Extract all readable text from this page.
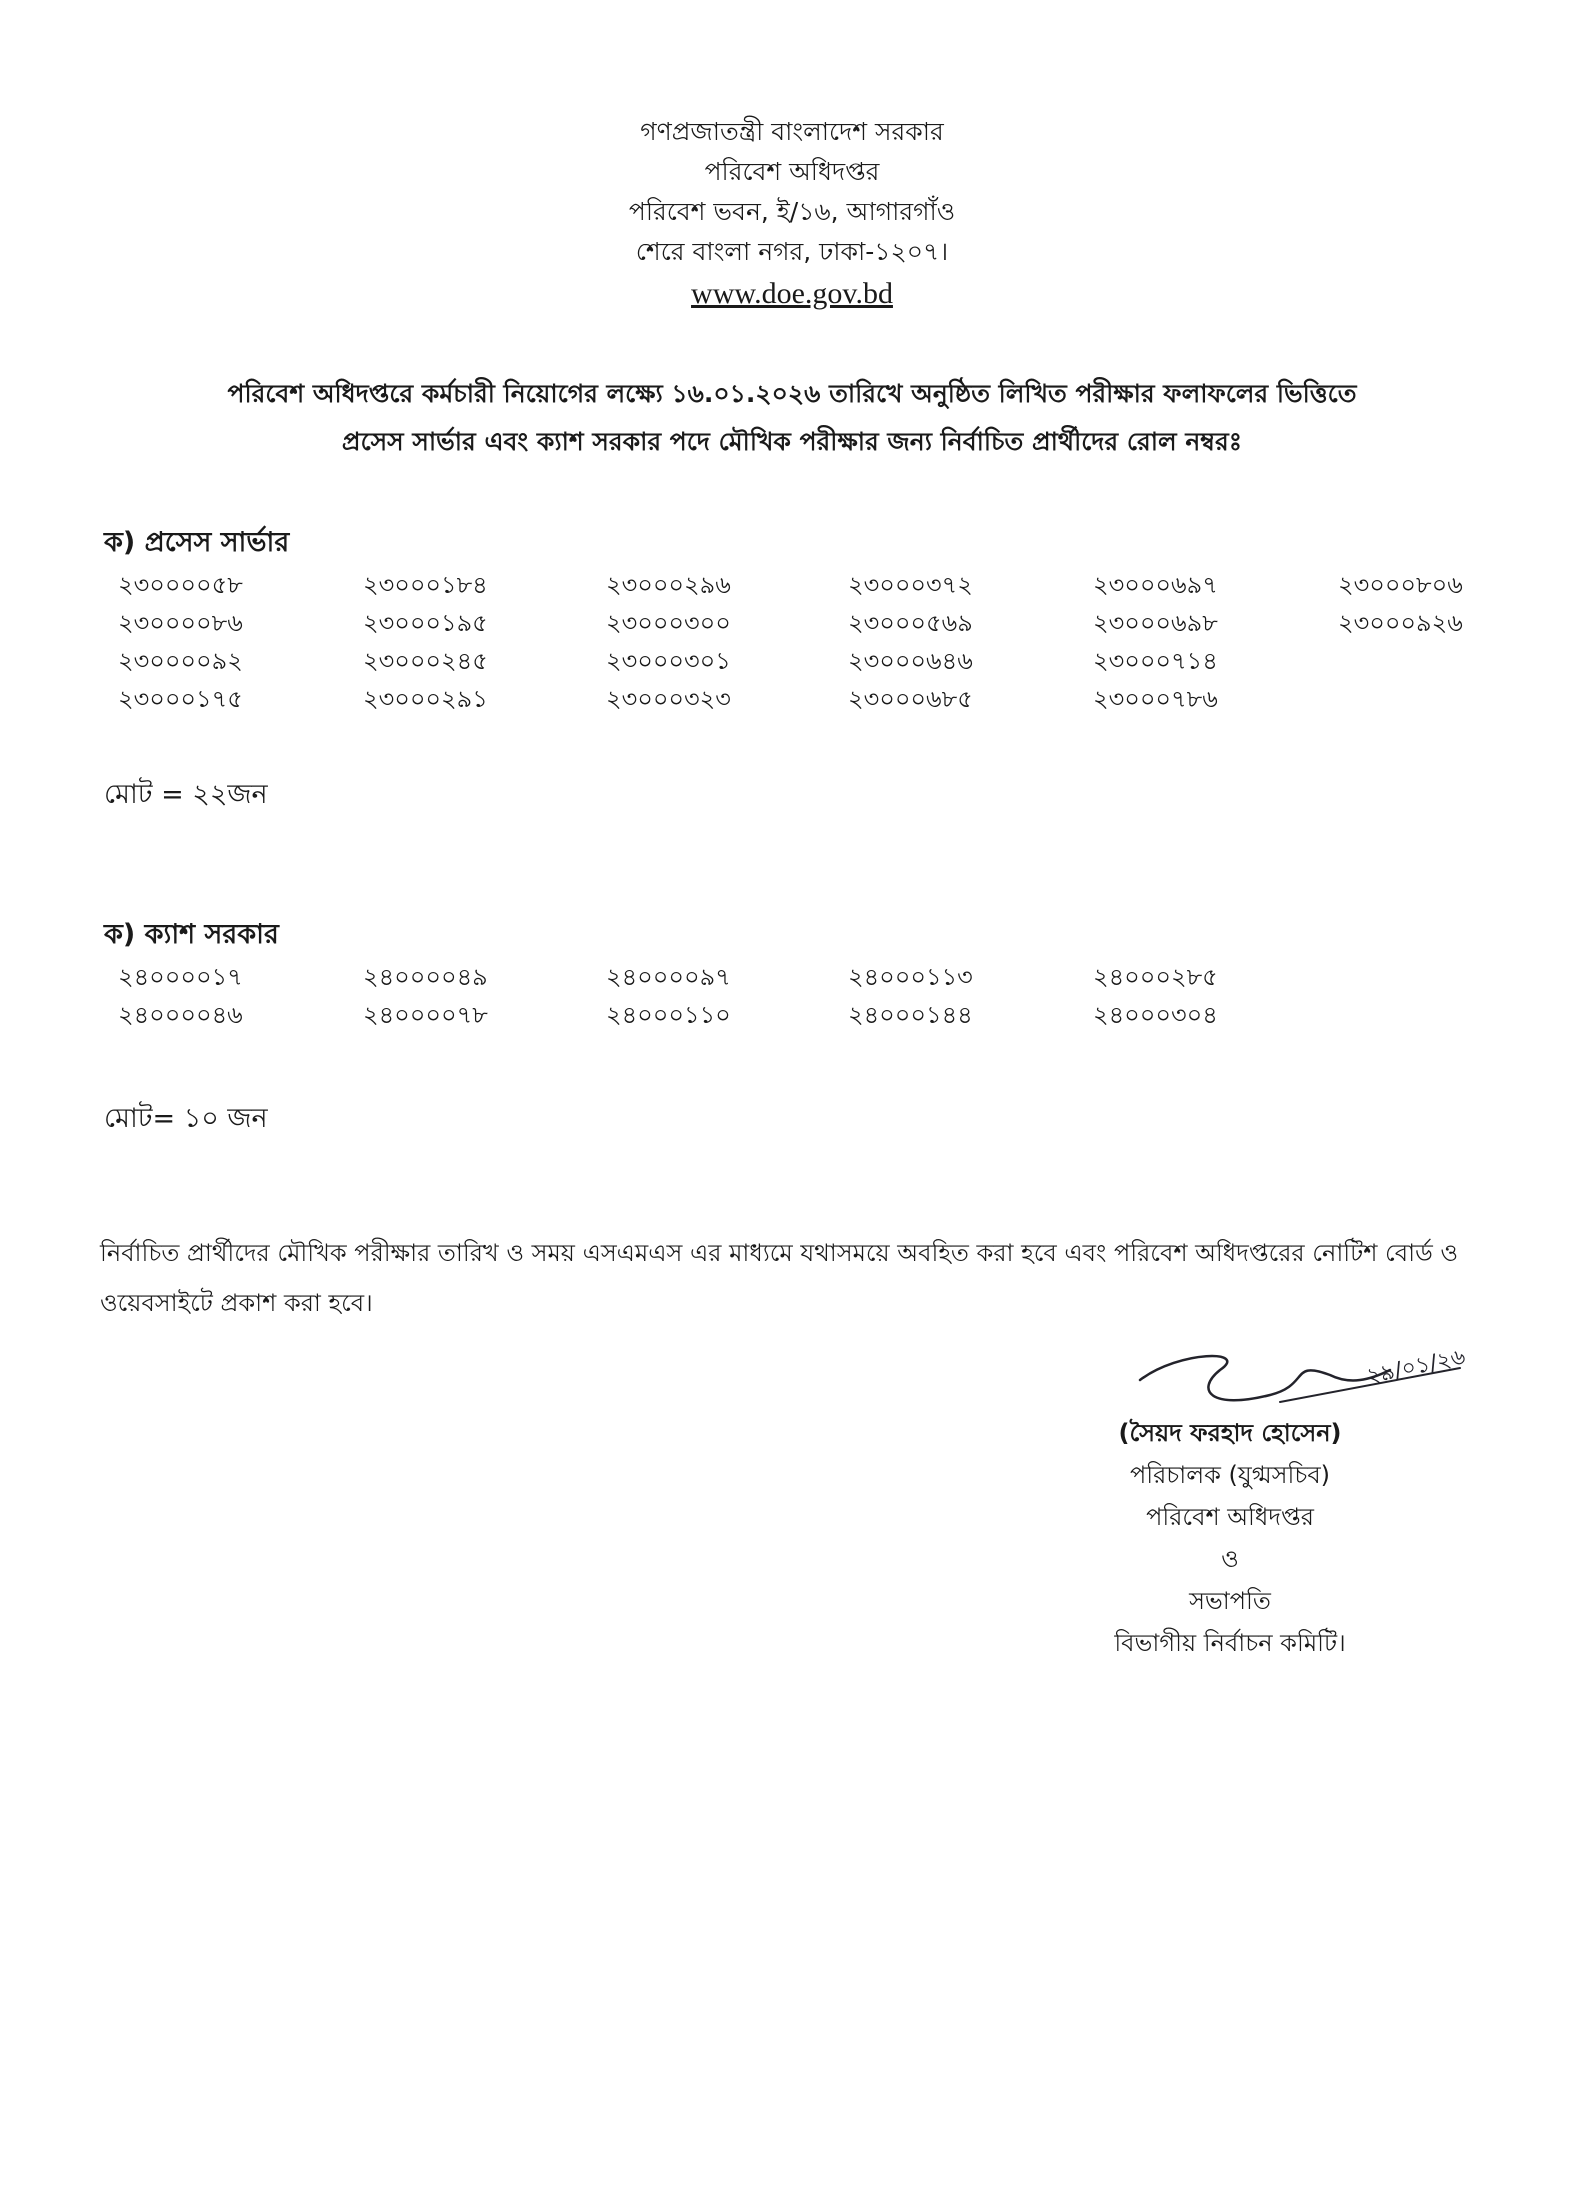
গণপ্রজাতন্ত্রী বাংলাদেশ সরকার
পরিবেশ অধিদপ্তর
পরিবেশ ভবন, ই/১৬, আগারগাঁও
শেরে বাংলা নগর, ঢাকা-১২০৭।
www.doe.gov.bd
পরিবেশ অধিদপ্তরে কর্মচারী নিয়োগের লক্ষ্যে ১৬.০১.২০২৬ তারিখে অনুষ্ঠিত লিখিত পরীক্ষার ফলাফলের ভিত্তিতে
প্রসেস সার্ভার এবং ক্যাশ সরকার পদে মৌখিক পরীক্ষার জন্য নির্বাচিত প্রার্থীদের রোল নম্বরঃ
ক) প্রসেস সার্ভার
২৩০০০০৫৮
২৩০০০০৮৬
২৩০০০০৯২
২৩০০০১৭৫
২৩০০০১৮৪
২৩০০০১৯৫
২৩০০০২৪৫
২৩০০০২৯১
২৩০০০২৯৬
২৩০০০৩০০
২৩০০০৩০১
২৩০০০৩২৩
২৩০০০৩৭২
২৩০০০৫৬৯
২৩০০০৬৪৬
২৩০০০৬৮৫
২৩০০০৬৯৭
২৩০০০৬৯৮
২৩০০০৭১৪
২৩০০০৭৮৬
২৩০০০৮০৬
২৩০০০৯২৬
মোট = ২২জন
ক) ক্যাশ সরকার
২৪০০০০১৭
২৪০০০০৪৬
২৪০০০০৪৯
২৪০০০০৭৮
২৪০০০০৯৭
২৪০০০১১০
২৪০০০১১৩
২৪০০০১৪৪
২৪০০০২৮৫
২৪০০০৩০৪
মোট= ১০ জন
নির্বাচিত প্রার্থীদের মৌখিক পরীক্ষার তারিখ ও সময় এসএমএস এর মাধ্যমে যথাসময়ে অবহিত করা হবে এবং পরিবেশ অধিদপ্তরের নোটিশ বোর্ড ও ওয়েবসাইটে প্রকাশ করা হবে।
২৯/০১/২৬
(সৈয়দ ফরহাদ হোসেন)
পরিচালক (যুগ্মসচিব)
পরিবেশ অধিদপ্তর
ও
সভাপতি
বিভাগীয় নির্বাচন কমিটি।
